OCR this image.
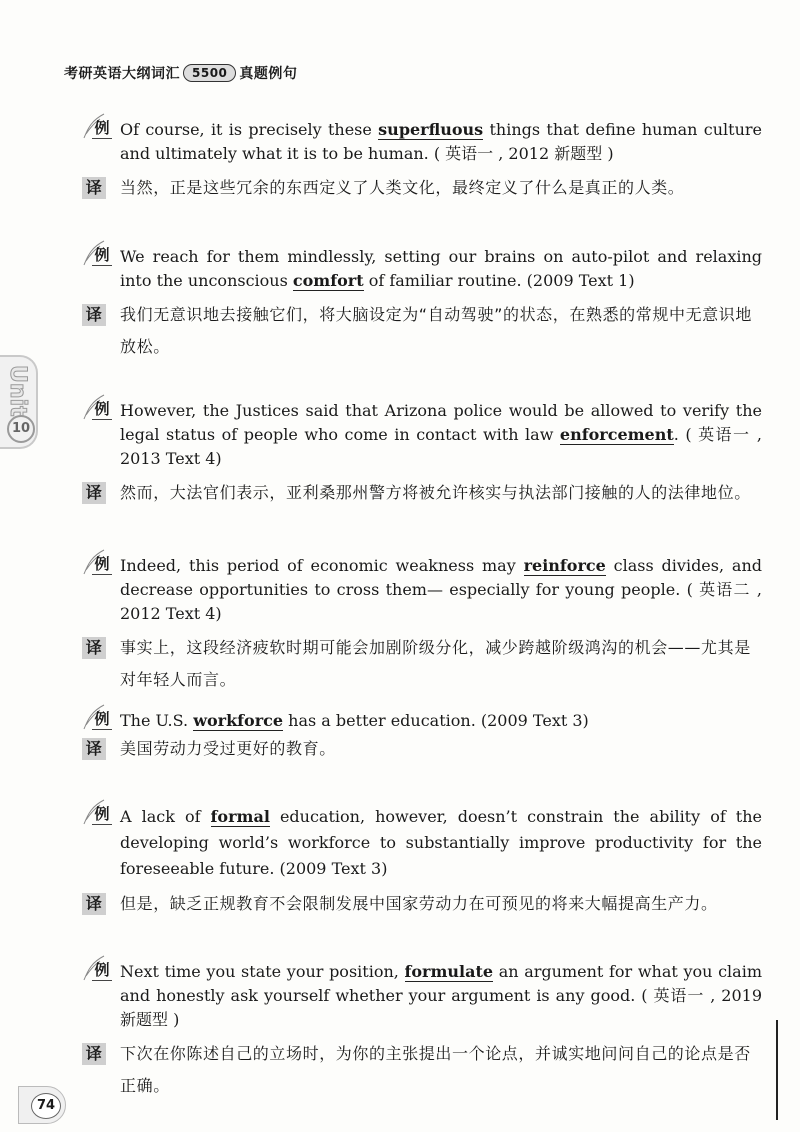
考研英语大纲词汇	5500 真题例句
Unit
10
例 Of course, it is precisely these superfluous things that define human culture and ultimately what it is to be human. ( 英语一 , 2012 新题型 )
译 当然，正是这些冗余的东西定义了人类文化，最终定义了什么是真正的人类。
例 We reach for them mindlessly, setting our brains on auto-pilot and relaxing into the unconscious comfort of familiar routine. (2009 Text 1)
译 我们无意识地去接触它们，将大脑设定为“自动驾驶”的状态，在熟悉的常规中无意识地放松。
例 However, the Justices said that Arizona police would be allowed to verify the legal status of people who come in contact with law enforcement. ( 英语一 , 2013 Text 4)
译 然而，大法官们表示，亚利桑那州警方将被允许核实与执法部门接触的人的法律地位。
例 Indeed, this period of economic weakness may reinforce class divides, and decrease opportunities to cross them— especially for young people. ( 英语二 , 2012 Text 4)
译 事实上，这段经济疲软时期可能会加剧阶级分化，减少跨越阶级鸿沟的机会——尤其是对年轻人而言。
例 The U.S. workforce has a better education. (2009 Text 3)
译 美国劳动力受过更好的教育。
例 A lack of formal education, however, doesn’t constrain the ability of the developing world’s workforce to substantially improve productivity for the foreseeable future. (2009 Text 3)
译 但是，缺乏正规教育不会限制发展中国家劳动力在可预见的将来大幅提高生产力。
例 Next time you state your position, formulate an argument for what you claim and honestly ask yourself whether your argument is any good. ( 英语一 , 2019 新题型 )
译 下次在你陈述自己的立场时，为你的主张提出一个论点，并诚实地问问自己的论点是否正确。
74
